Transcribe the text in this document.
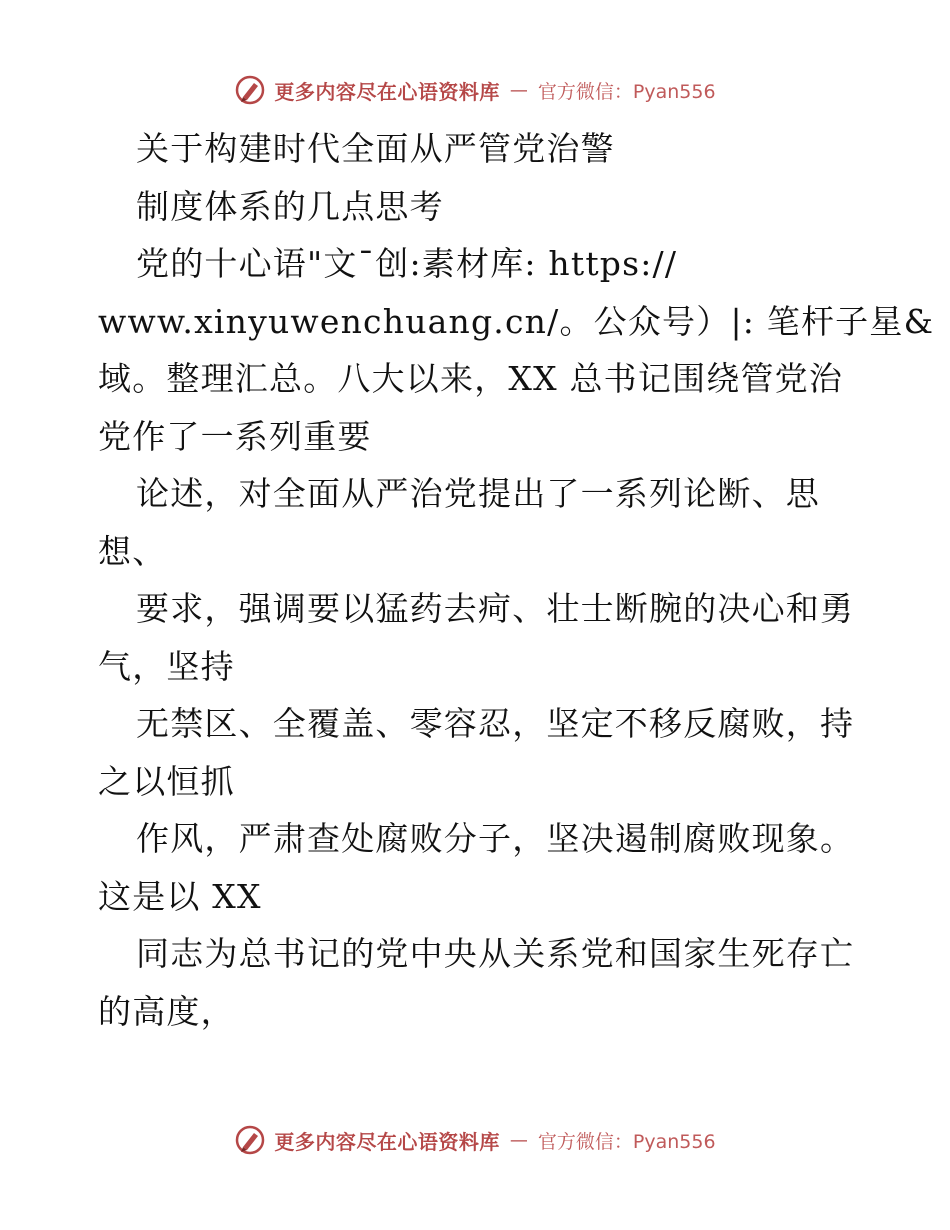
更多内容尽在心语资料库 — 官方微信：Pyan556
关于构建时代全面从严管党治警
制度体系的几点思考
党的十心语"文¯创:素材库: https://
www.xinyuwenchuang.cn/。公众号）|: 笔杆子星&
域。整理汇总。八大以来，XX 总书记围绕管党治
党作了一系列重要
论述，对全面从严治党提出了一系列论断、思
想、
要求，强调要以猛药去疴、壮士断腕的决心和勇
气，坚持
无禁区、全覆盖、零容忍，坚定不移反腐败，持
之以恒抓
作风，严肃查处腐败分子，坚决遏制腐败现象。
这是以 XX
同志为总书记的党中央从关系党和国家生死存亡
的高度，
更多内容尽在心语资料库 — 官方微信：Pyan556
